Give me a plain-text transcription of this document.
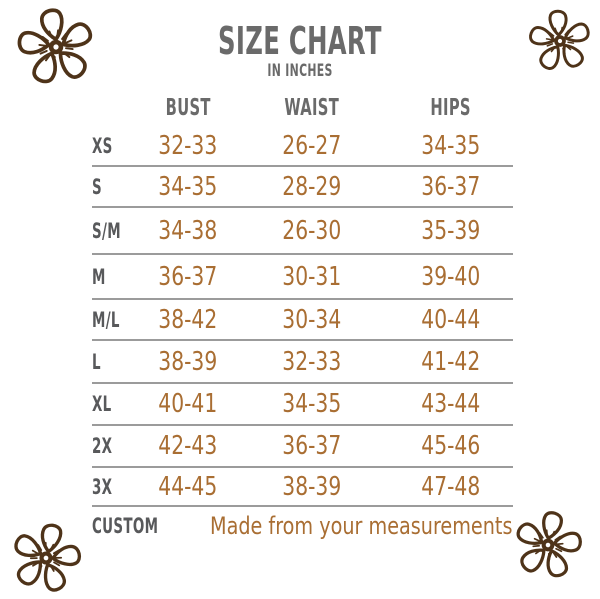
SIZE CHART
IN INCHES
BUST	WAIST	HIPS
XS 32-33	26-27	34-35
S 34-35	28-29	36-37
S/M 34-38	26-30	35-39
M 36-37	30-31	39-40
M/L 38-42	30-34	40-44
L 38-39	32-33	41-42
XL 40-41	34-35	43-44
2X 42-43	36-37	45-46
3X 44-45	38-39	47-48
CUSTOM	Made from your measurements
